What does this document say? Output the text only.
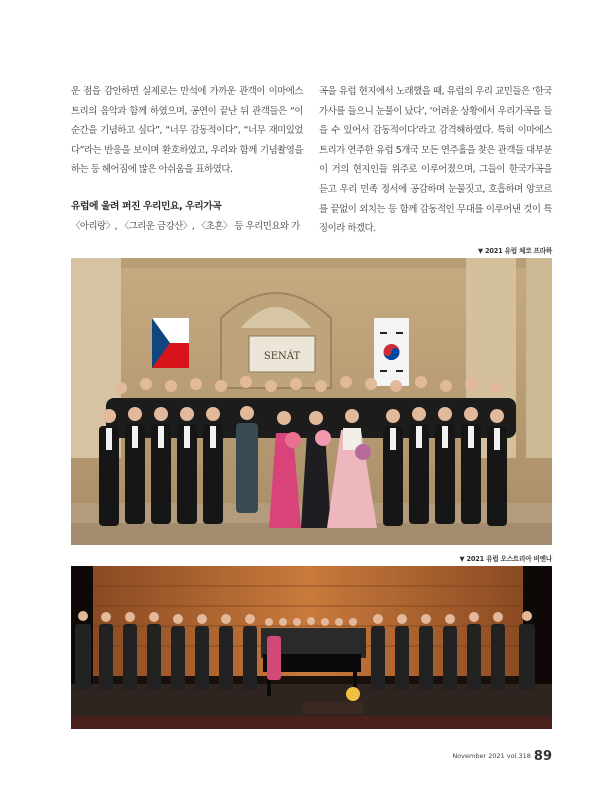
운 점을 감안하면 실제로는 만석에 가까운 관객이 이마에스트리의 음악과 함께 하였으며, 공연이 끝난 뒤 관객들은 “이 순간을 기념하고 싶다”, “너무 감동적이다”, “너무 재미있었다”라는 반응을 보이며 환호하였고, 우리와 함께 기념촬영을 하는 등 헤어짐에 많은 아쉬움을 표하였다.

유럽에 울려 퍼진 우리민요, 우리가곡

〈아리랑〉, 〈그리운 금강산〉, 〈초혼〉 등 우리민요와 가

곡을 유럽 현지에서 노래했을 때, 유럽의 우리 교민들은 ‘한국 가사를 들으니 눈물이 났다’, ‘어려운 상황에서 우리가곡을 들을 수 있어서 감동적이다’라고 감격해하였다. 특히 이마에스트리가 연주한 유럽 5개국 모든 연주홀을 찾은 관객들 대부분이 거의 현지인들 위주로 이루어졌으며, 그들이 한국가곡을 듣고 우리 민족 정서에 공감하며 눈물짓고, 호흡하며 앙코르를 끝없이 외치는 등 함께 감동적인 무대를 이루어낸 것이 특징이라 하겠다.

▼ 2021 유럽 체코 프라하
SENÁT
▼ 2021 유럽 오스트리아 비엔나
November 2021 vol.318 89
